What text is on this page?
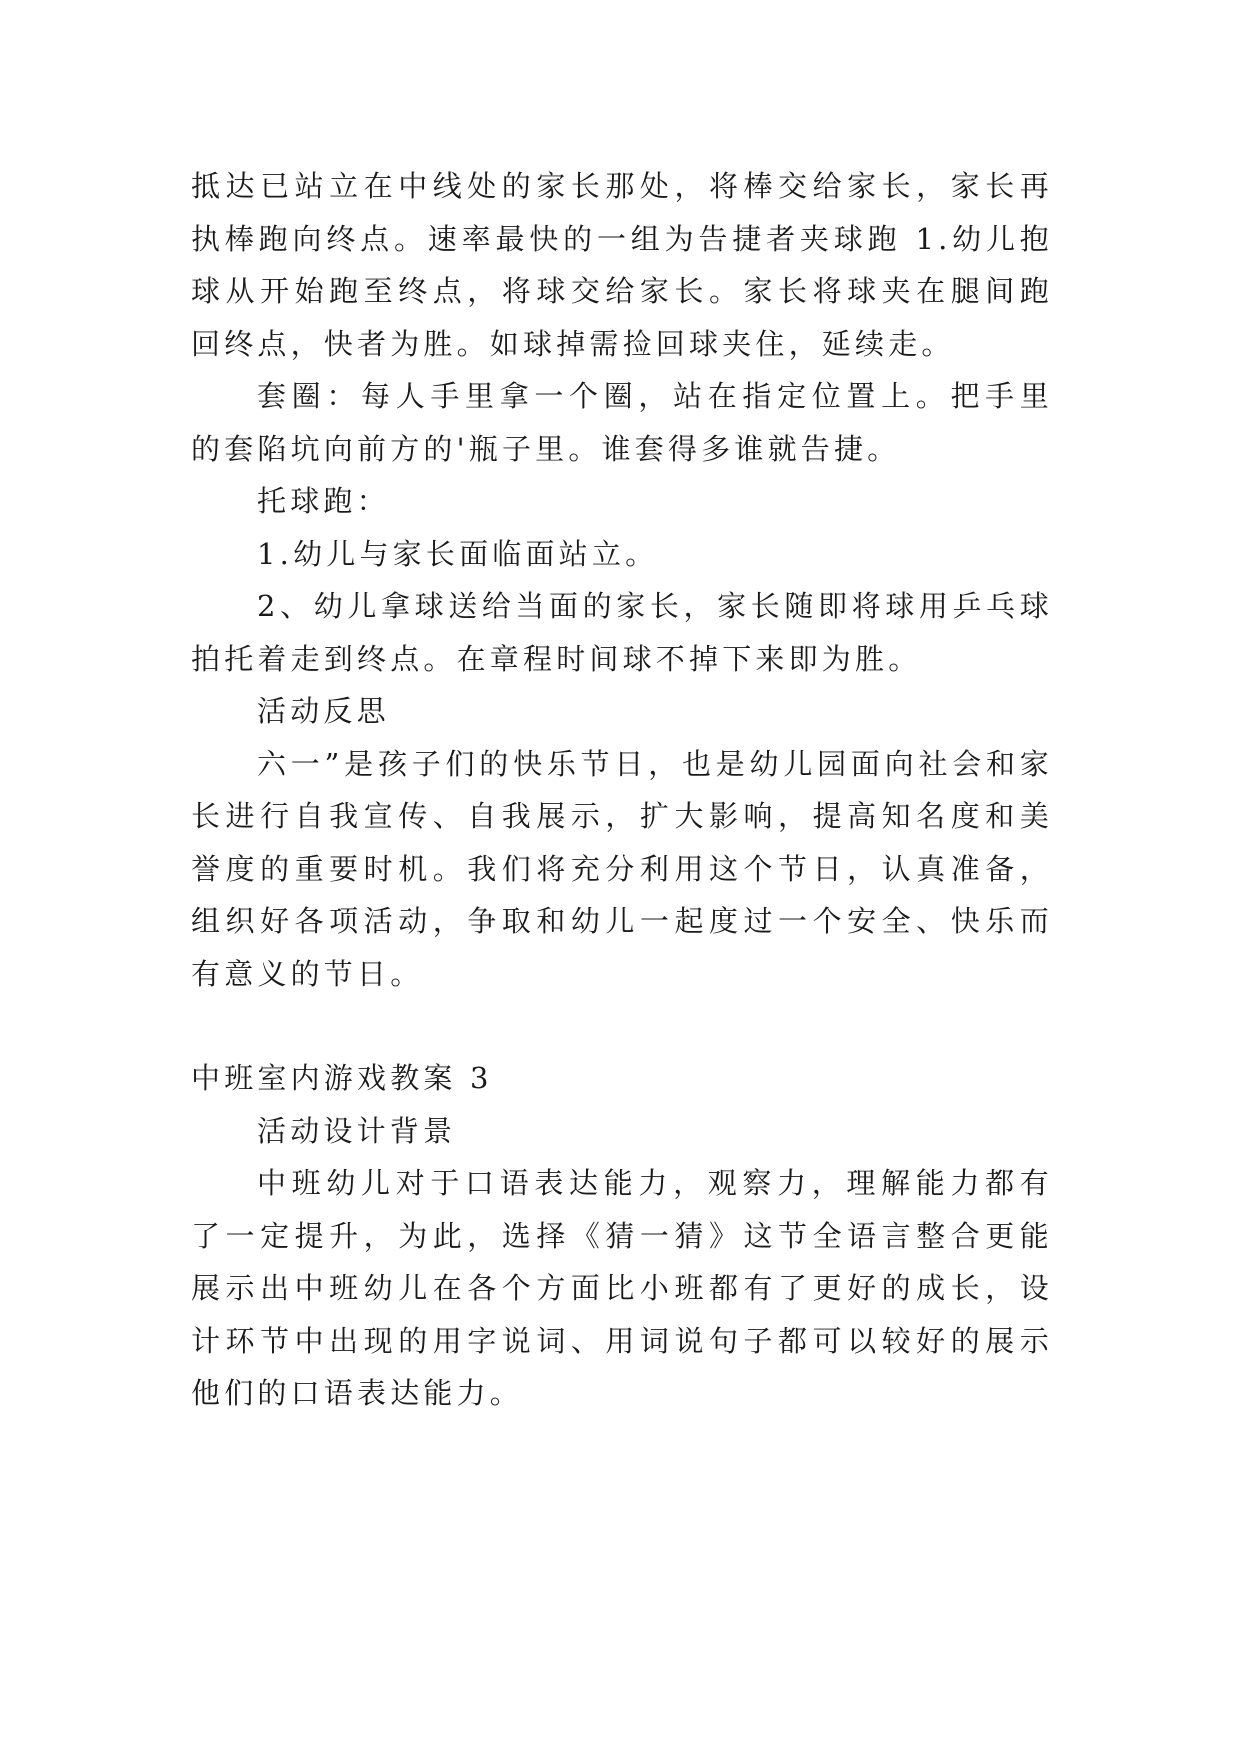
抵达已站立在中线处的家长那处，将棒交给家长，家长再执棒跑向终点。速率最快的一组为告捷者夹球跑 1.幼儿抱球从开始跑至终点，将球交给家长。家长将球夹在腿间跑回终点，快者为胜。如球掉需捡回球夹住，延续走。

套圈：每人手里拿一个圈，站在指定位置上。把手里的套陷坑向前方的'瓶子里。谁套得多谁就告捷。

托球跑：

1.幼儿与家长面临面站立。

2、幼儿拿球送给当面的家长，家长随即将球用乒乓球拍托着走到终点。在章程时间球不掉下来即为胜。

活动反思

六一”是孩子们的快乐节日，也是幼儿园面向社会和家长进行自我宣传、自我展示，扩大影响，提高知名度和美誉度的重要时机。我们将充分利用这个节日，认真准备，组织好各项活动，争取和幼儿一起度过一个安全、快乐而有意义的节日。

中班室内游戏教案 3

活动设计背景

中班幼儿对于口语表达能力，观察力，理解能力都有了一定提升，为此，选择《猜一猜》这节全语言整合更能展示出中班幼儿在各个方面比小班都有了更好的成长，设计环节中出现的用字说词、用词说句子都可以较好的展示他们的口语表达能力。
